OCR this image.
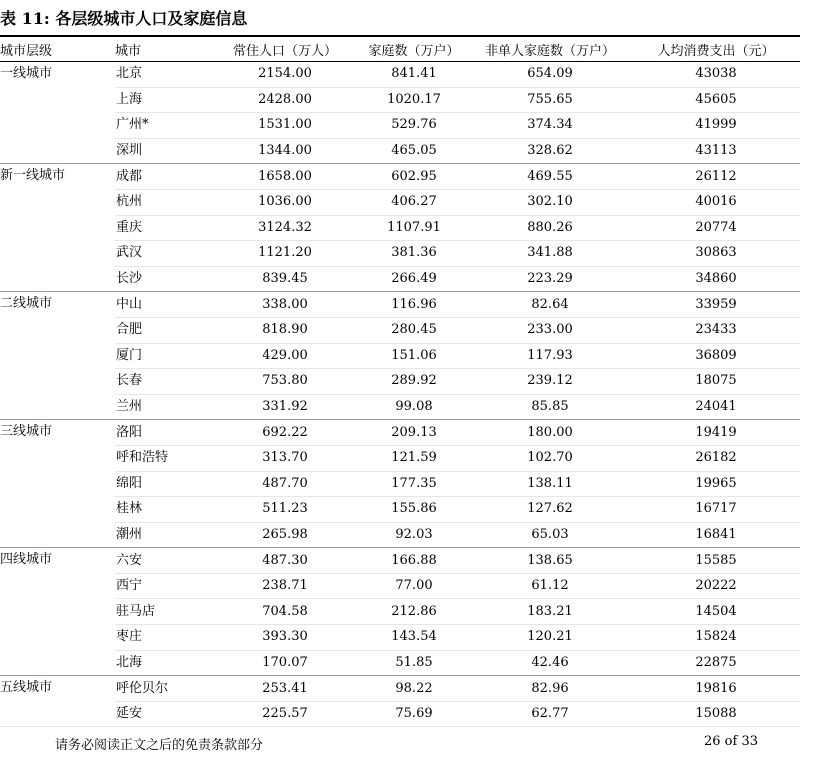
表 11: 各层级城市人口及家庭信息
城市层级	城市	常住人口（万人）	家庭数（万户）	非单人家庭数（万户）	人均消费支出（元）
一线城市	北京	2154.00	841.41	654.09	43038
	上海	2428.00	1020.17	755.65	45605
	广州*	1531.00	529.76	374.34	41999
	深圳	1344.00	465.05	328.62	43113
新一线城市	成都	1658.00	602.95	469.55	26112
	杭州	1036.00	406.27	302.10	40016
	重庆	3124.32	1107.91	880.26	20774
	武汉	1121.20	381.36	341.88	30863
	长沙	839.45	266.49	223.29	34860
二线城市	中山	338.00	116.96	82.64	33959
	合肥	818.90	280.45	233.00	23433
	厦门	429.00	151.06	117.93	36809
	长春	753.80	289.92	239.12	18075
	兰州	331.92	99.08	85.85	24041
三线城市	洛阳	692.22	209.13	180.00	19419
	呼和浩特	313.70	121.59	102.70	26182
	绵阳	487.70	177.35	138.11	19965
	桂林	511.23	155.86	127.62	16717
	潮州	265.98	92.03	65.03	16841
四线城市	六安	487.30	166.88	138.65	15585
	西宁	238.71	77.00	61.12	20222
	驻马店	704.58	212.86	183.21	14504
	枣庄	393.30	143.54	120.21	15824
	北海	170.07	51.85	42.46	22875
五线城市	呼伦贝尔	253.41	98.22	82.96	19816
	延安	225.57	75.69	62.77	15088
请务必阅读正文之后的免责条款部分	26 of 33
